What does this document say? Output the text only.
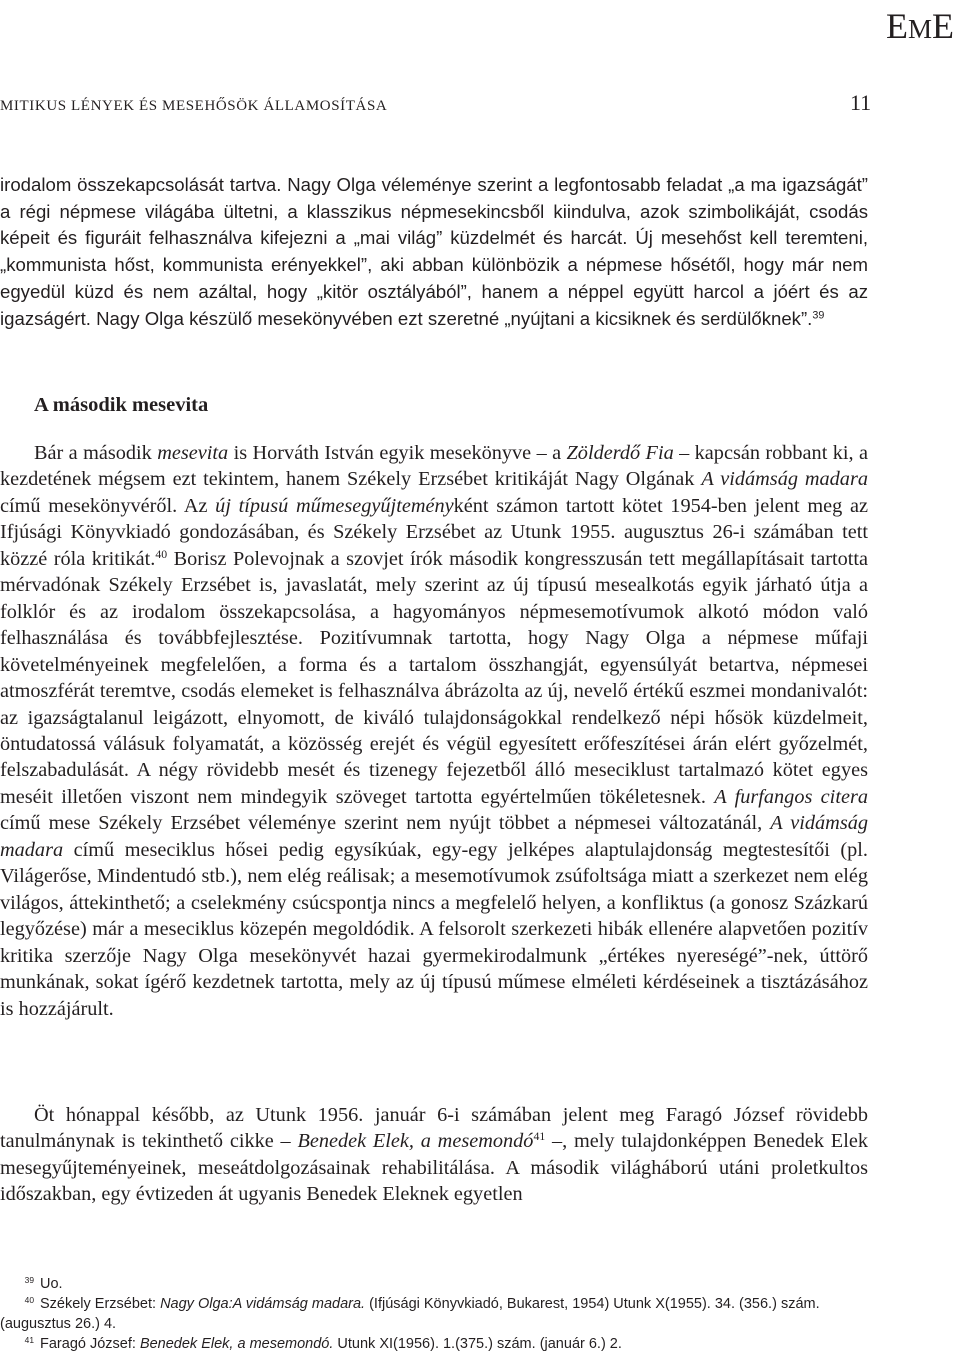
EME
MITIKUS LÉNYEK ÉS MESEHŐSÖK ÁLLAMOSÍTÁSA	11

irodalom összekapcsolását tartva. Nagy Olga véleménye szerint a legfontosabb feladat „a ma igazságát” a régi népmese világába ültetni, a klasszikus népmesekincsből kiindulva, azok szimbolikáját, csodás képeit és figuráit felhasználva kifejezni a „mai világ” küzdelmét és harcát. Új mesehőst kell teremteni, „kommunista hőst, kommunista erényekkel”, aki abban különbözik a népmese hősétől, hogy már nem egyedül küzd és nem azáltal, hogy „kitör osztályából”, hanem a néppel együtt harcol a jóért és az igazságért. Nagy Olga készülő mesekönyvében ezt szeretné „nyújtani a kicsiknek és serdülőknek”.$^{39}$

A második mesevita

Bár a második mesevita is Horváth István egyik mesekönyve – a Zölderdő Fia – kapcsán robbant ki, a kezdetének mégsem ezt tekintem, hanem Székely Erzsébet kritikáját Nagy Olgának A vidámság madara című mesekönyvéről. Az új típusú műmesegyűjteményként számon tartott kötet 1954-ben jelent meg az Ifjúsági Könyvkiadó gondozásában, és Székely Erzsébet az Utunk 1955. augusztus 26-i számában tett közzé róla kritikát.$^{40}$ Borisz Polevojnak a szovjet írók második kongresszusán tett megállapításait tartotta mérvadónak Székely Erzsébet is, javaslatát, mely szerint az új típusú mesealkotás egyik járható útja a folklór és az irodalom összekapcsolása, a hagyományos népmesemotívumok alkotó módon való felhasználása és továbbfejlesztése. Pozitívumnak tartotta, hogy Nagy Olga a népmese műfaji követelményeinek megfelelően, a forma és a tartalom összhangját, egyensúlyát betartva, népmesei atmoszférát teremtve, csodás elemeket is felhasználva ábrázolta az új, nevelő értékű eszmei mondanivalót: az igazságtalanul leigázott, elnyomott, de kiváló tulajdonságokkal rendelkező népi hősök küzdelmeit, öntudatossá válásuk folyamatát, a közösség erejét és végül egyesített erőfeszítései árán elért győzelmét, felszabadulását. A négy rövidebb mesét és tizenegy fejezetből álló meseciklust tartalmazó kötet egyes meséit illetően viszont nem mindegyik szöveget tartotta egyértelműen tökéletesnek. A furfangos citera című mese Székely Erzsébet véleménye szerint nem nyújt többet a népmesei változatánál, A vidámság madara című meseciklus hősei pedig egysíkúak, egy-egy jelképes alaptulajdonság megtestesítői (pl. Világerőse, Mindentudó stb.), nem elég reálisak; a mesemotívumok zsúfoltsága miatt a szerkezet nem elég világos, áttekinthető; a cselekmény csúcspontja nincs a megfelelő helyen, a konfliktus (a gonosz Százkarú legyőzése) már a meseciklus közepén megoldódik. A felsorolt szerkezeti hibák ellenére alapvetően pozitív kritika szerzője Nagy Olga mesekönyvét hazai gyermekirodalmunk „értékes nyereségé”-nek, úttörő munkának, sokat ígérő kezdetnek tartotta, mely az új típusú műmese elméleti kérdéseinek a tisztázásához is hozzájárult.

Öt hónappal később, az Utunk 1956. január 6-i számában jelent meg Faragó József rövidebb tanulmánynak is tekinthető cikke – Benedek Elek, a mesemondó$^{41}$ –, mely tulajdonképpen Benedek Elek mesegyűjteményeinek, meseátdolgozásainak rehabilitálása. A második világháború utáni proletkultos időszakban, egy évtizeden át ugyanis Benedek Eleknek egyetlen

$^{39}$ Uo.

$^{40}$ Székely Erzsébet: Nagy Olga:A vidámság madara. (Ifjúsági Könyvkiadó, Bukarest, 1954) Utunk X(1955). 34. (356.) szám. (augusztus 26.) 4.

$^{41}$ Faragó József: Benedek Elek, a mesemondó. Utunk XI(1956). 1.(375.) szám. (január 6.) 2.
